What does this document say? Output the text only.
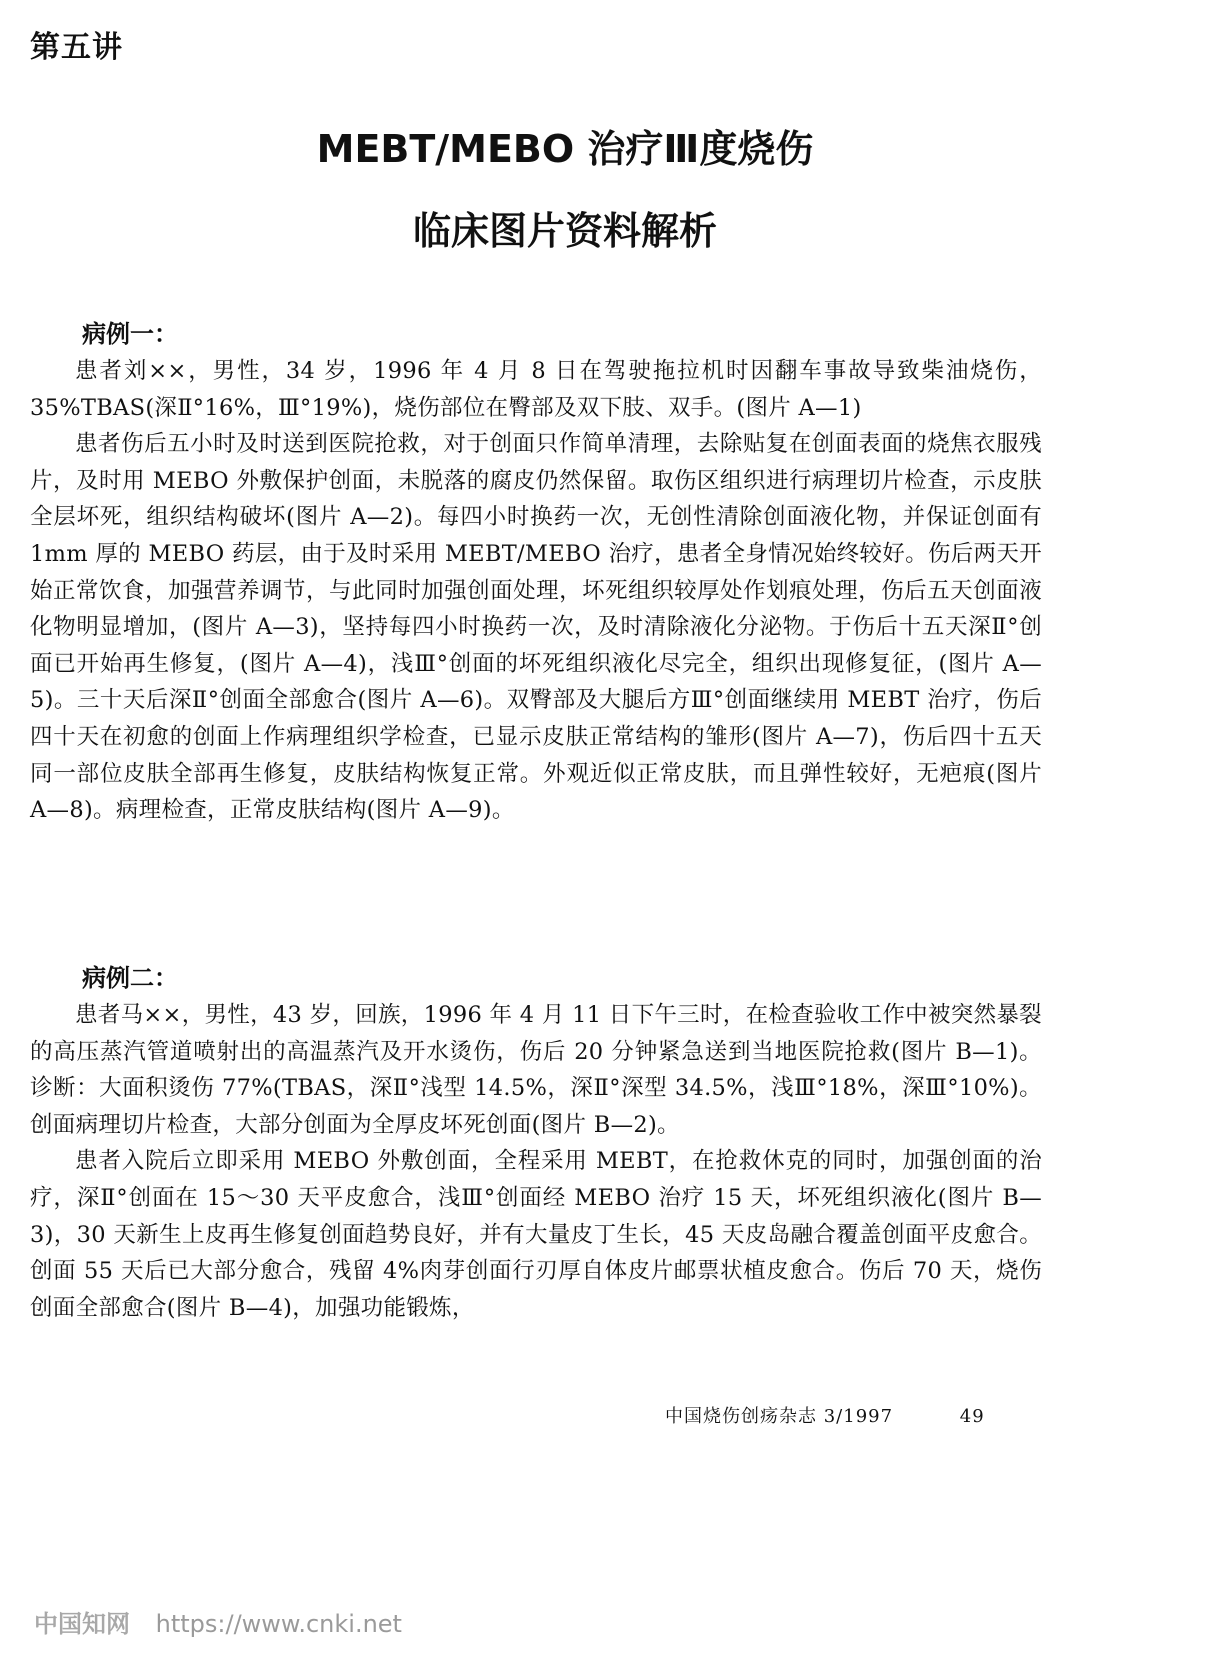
第五讲
MEBT/MEBO 治疗Ⅲ度烧伤
临床图片资料解析
病例一：

患者刘××，男性，34 岁，1996 年 4 月 8 日在驾驶拖拉机时因翻车事故导致柴油烧伤，35%TBAS(深Ⅱ°16%，Ⅲ°19%)，烧伤部位在臀部及双下肢、双手。(图片 A—1)

患者伤后五小时及时送到医院抢救，对于创面只作简单清理，去除贴复在创面表面的烧焦衣服残片，及时用 MEBO 外敷保护创面，未脱落的腐皮仍然保留。取伤区组织进行病理切片检查，示皮肤全层坏死，组织结构破坏(图片 A—2)。每四小时换药一次，无创性清除创面液化物，并保证创面有 1mm 厚的 MEBO 药层，由于及时采用 MEBT/MEBO 治疗，患者全身情况始终较好。伤后两天开始正常饮食，加强营养调节，与此同时加强创面处理，坏死组织较厚处作划痕处理，伤后五天创面液化物明显增加，(图片 A—3)，坚持每四小时换药一次，及时清除液化分泌物。于伤后十五天深Ⅱ°创面已开始再生修复，(图片 A—4)，浅Ⅲ°创面的坏死组织液化尽完全，组织出现修复征，(图片 A—5)。三十天后深Ⅱ°创面全部愈合(图片 A—6)。双臀部及大腿后方Ⅲ°创面继续用 MEBT 治疗，伤后四十天在初愈的创面上作病理组织学检查，已显示皮肤正常结构的雏形(图片 A—7)，伤后四十五天同一部位皮肤全部再生修复，皮肤结构恢复正常。外观近似正常皮肤，而且弹性较好，无疤痕(图片 A—8)。病理检查，正常皮肤结构(图片 A—9)。

病例二：

患者马××，男性，43 岁，回族，1996 年 4 月 11 日下午三时，在检查验收工作中被突然暴裂的高压蒸汽管道喷射出的高温蒸汽及开水烫伤，伤后 20 分钟紧急送到当地医院抢救(图片 B—1)。诊断：大面积烫伤 77%(TBAS，深Ⅱ°浅型 14.5%，深Ⅱ°深型 34.5%，浅Ⅲ°18%，深Ⅲ°10%)。创面病理切片检查，大部分创面为全厚皮坏死创面(图片 B—2)。

患者入院后立即采用 MEBO 外敷创面，全程采用 MEBT，在抢救休克的同时，加强创面的治疗，深Ⅱ°创面在 15～30 天平皮愈合，浅Ⅲ°创面经 MEBO 治疗 15 天，坏死组织液化(图片 B—3)，30 天新生上皮再生修复创面趋势良好，并有大量皮丁生长，45 天皮岛融合覆盖创面平皮愈合。创面 55 天后已大部分愈合，残留 4%肉芽创面行刃厚自体皮片邮票状植皮愈合。伤后 70 天，烧伤创面全部愈合(图片 B—4)，加强功能锻炼，

中国烧伤创疡杂志 3/1997	49
中国知网 https://www.cnki.net
